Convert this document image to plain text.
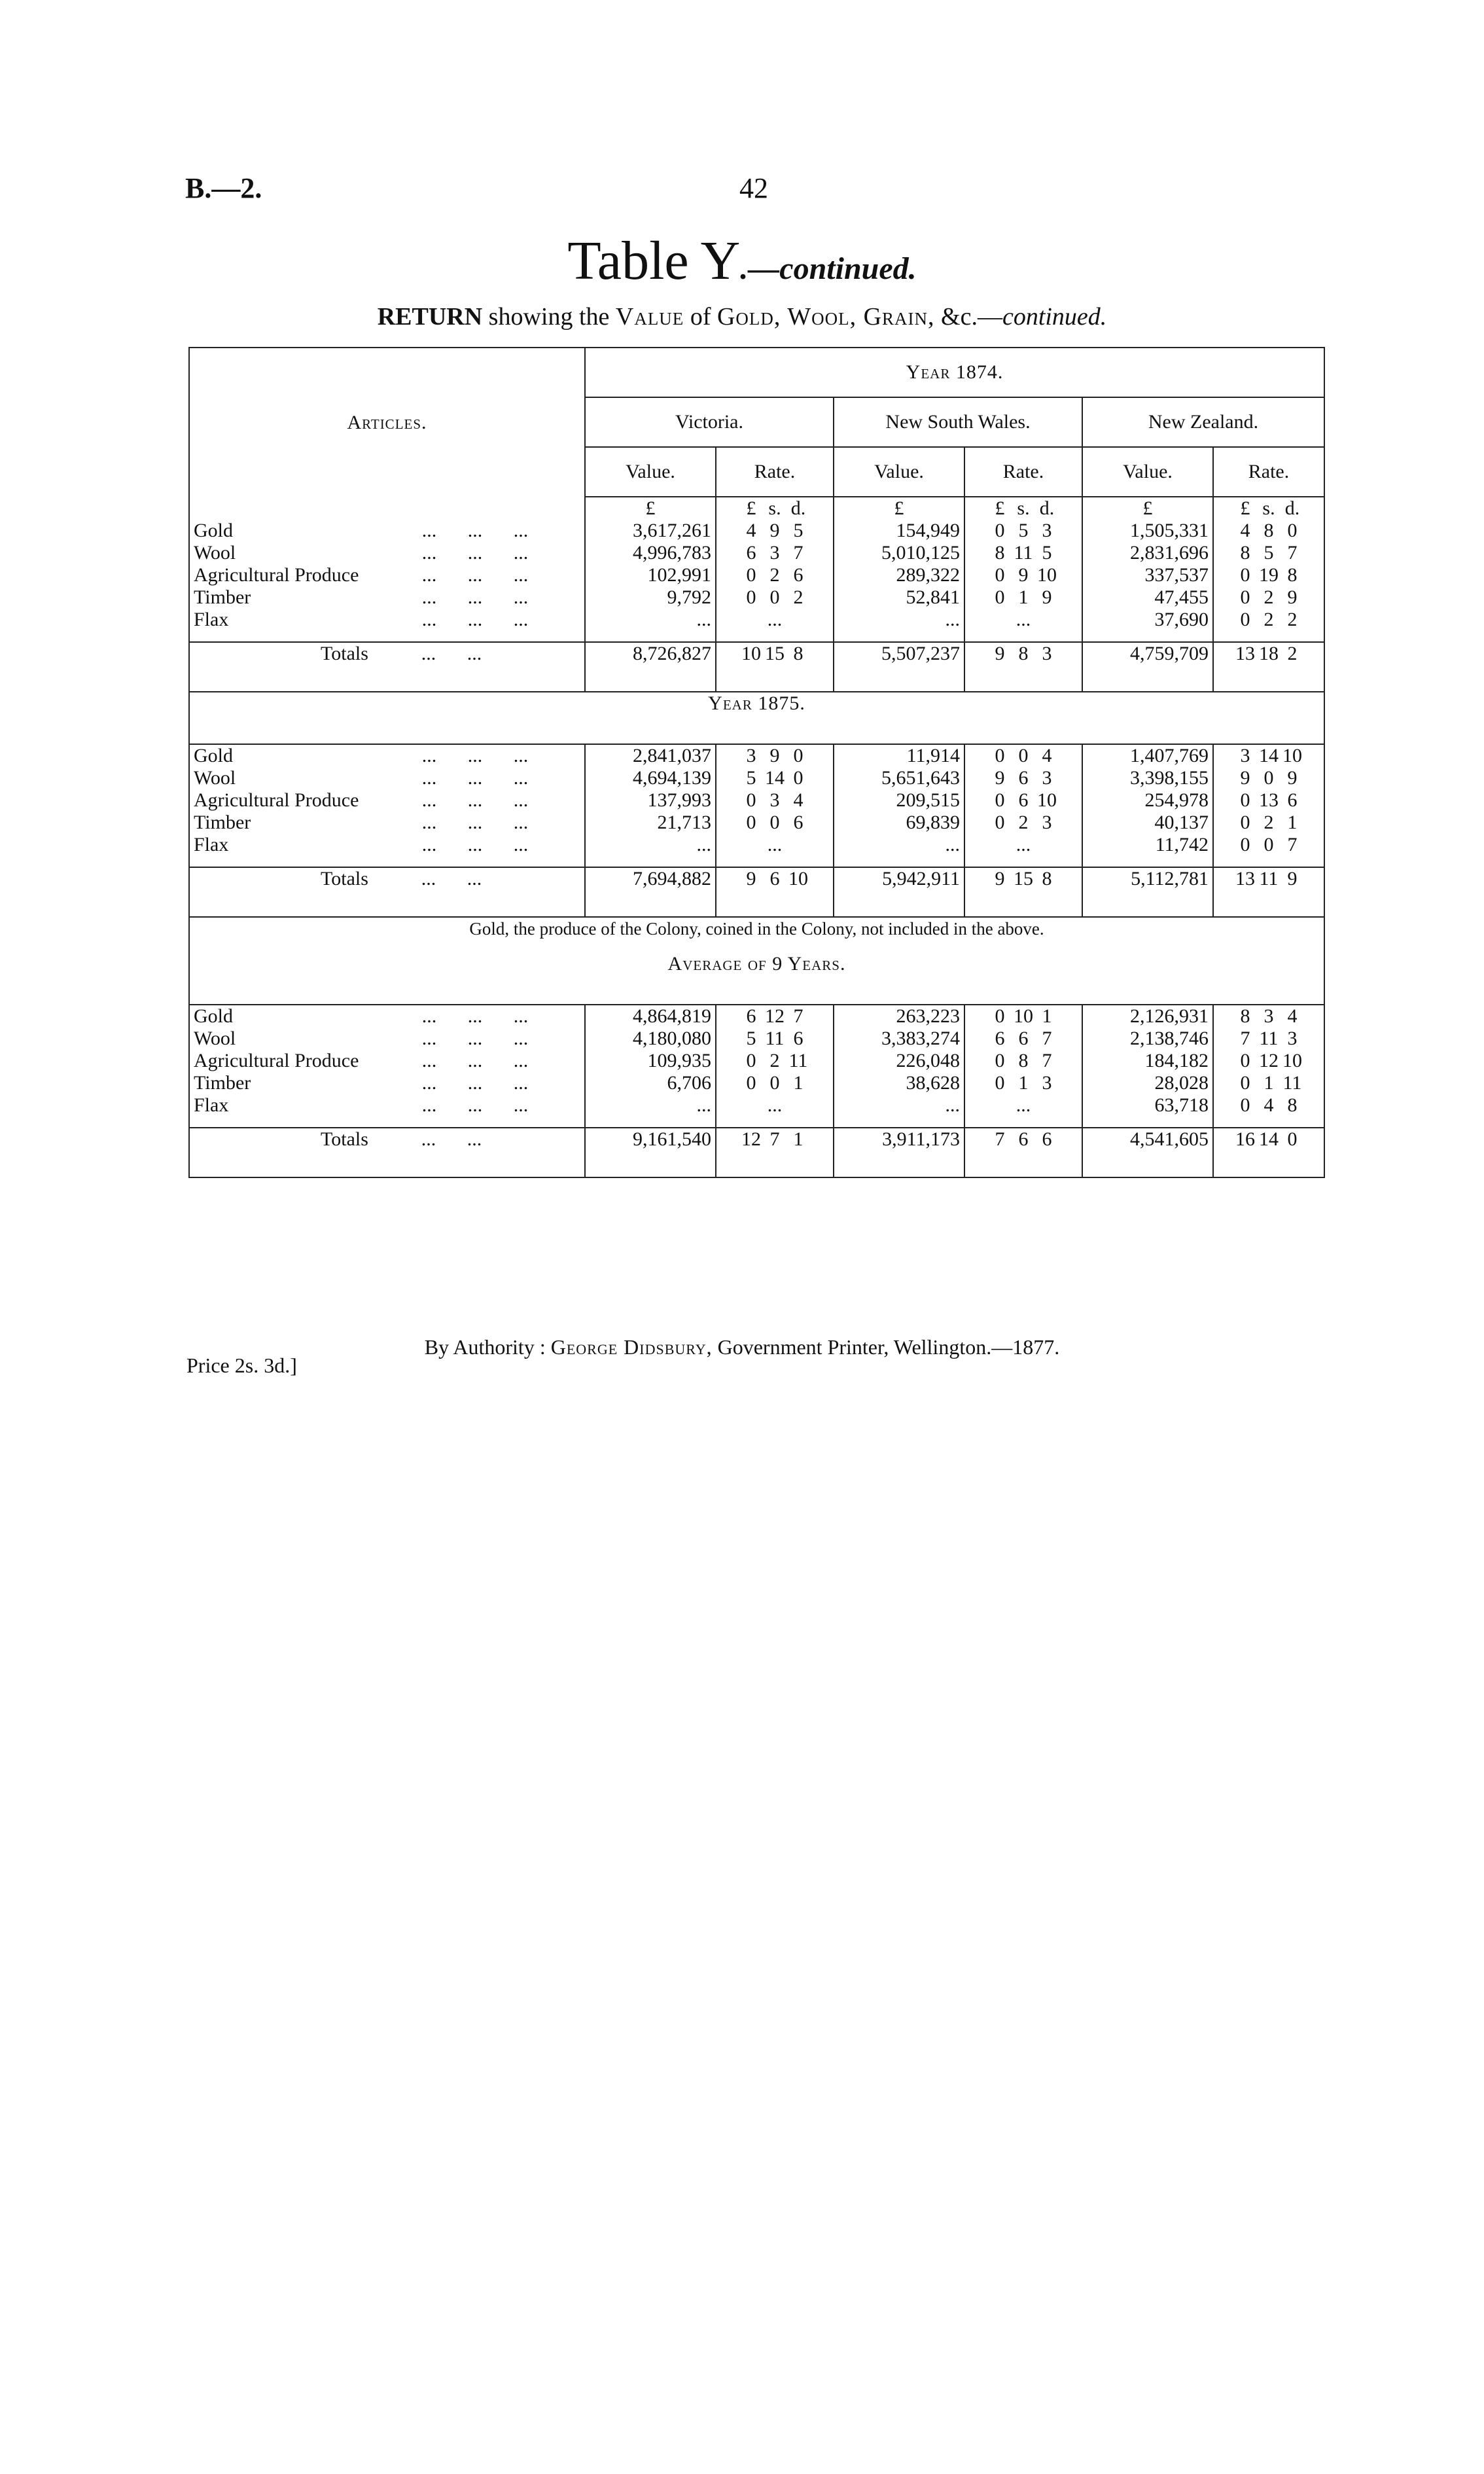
B.—2.	42
Table Y.—continued.
RETURN showing the Value of Gold, Wool, Grain, &c.—continued.
Articles.	Year 1874.					
	Victoria.		New South Wales.		New Zealand.	
	Value.	Rate.	Value.	Rate.	Value.	Rate.
	£	£ s. d.	£	£ s. d.	£	£ s. d.
Gold ... ... ...	3,617,261	4 9 5	154,949	0 5 3	1,505,331	4 8 0
Wool ... ... ...	4,996,783	6 3 7	5,010,125	8 11 5	2,831,696	8 5 7
Agricultural Produce ... ... ...	102,991	0 2 6	289,322	0 9 10	337,537	0 19 8
Timber ... ... ...	9,792	0 0 2	52,841	0 1 9	47,455	0 2 9
Flax ... ... ...	...	...	...	...	37,690	0 2 2

Totals ... ...	8,726,827	10 15 8	5,507,237	9 8 3	4,759,709	13 18 2
Year 1875.						
Gold ... ... ...	2,841,037	3 9 0	11,914	0 0 4	1,407,769	3 14 10
Wool ... ... ...	4,694,139	5 14 0	5,651,643	9 6 3	3,398,155	9 0 9
Agricultural Produce ... ... ...	137,993	0 3 4	209,515	0 6 10	254,978	0 13 6
Timber ... ... ...	21,713	0 0 6	69,839	0 2 3	40,137	0 2 1
Flax ... ... ...	...	...	...	...	11,742	0 0 7

Totals ... ...	7,694,882	9 6 10	5,942,911	9 15 8	5,112,781	13 11 9
Gold, the produce of the Colony, coined in the Colony, not included in the above.						
Average of 9 Years.						
Gold ... ... ...	4,864,819	6 12 7	263,223	0 10 1	2,126,931	8 3 4
Wool ... ... ...	4,180,080	5 11 6	3,383,274	6 6 7	2,138,746	7 11 3
Agricultural Produce ... ... ...	109,935	0 2 11	226,048	0 8 7	184,182	0 12 10
Timber ... ... ...	6,706	0 0 1	38,628	0 1 3	28,028	0 1 11
Flax ... ... ...	...	...	...	...	63,718	0 4 8

Totals ... ...	9,161,540	12 7 1	3,911,173	7 6 6	4,541,605	16 14 0
By Authority : George Didsbury, Government Printer, Wellington.—1877.
Price 2s. 3d.]
